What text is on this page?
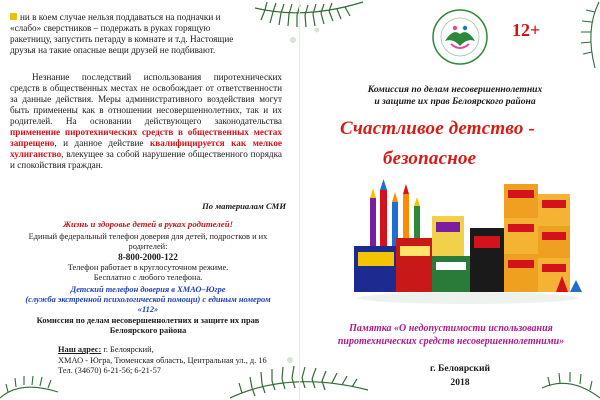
ни в коем случае нельзя поддаваться на подначки и
«слабо» сверстников – подержать в руках горящую
ракетницу, запустить петарду в комнате и т.д. Настоящие
друзья на такие опасные вещи друзей не подбивают.

Незнание последствий использования пиротехнических средств в общественных местах не освобождает от ответственности за данные действия. Меры административного воздействия могут быть применены как в отношении несовершеннолетних, так и их родителей. На основании действующего законодательства применение пиротехнических средств в общественных местах запрещено, и данное действие квалифицируется как мелкое хулиганство, влекущее за собой нарушение общественного порядка и спокойствия граждан.

По материалам СМИ

Жизнь и здоровье детей в руках родителей!

Единый федеральный телефон доверия для детей, подростков и их
родителей:

8-800-2000-122

Телефон работает в круглосуточном режиме.

Бесплатно с любого телефона.

Детский телефон доверия в ХМАО–Югре
(служба экстренной психологической помощи) с единым номером

«112»

Комиссия по делам несовершеннолетних и защите их прав
Белоярского района

Наш адрес: г. Белоярский,
ХМАО - Югра, Тюменская область, Центральная ул., д. 16
Тел. (34670) 6-21-56; 6-21-57

12+

Комиссия по делам несовершеннолетних
и защите их прав Белоярского района

Счастливое детство -

безопасное

Памятка «О недопустимости использования
пиротехнических средств несовершеннолетними»

г. Белоярский

2018
